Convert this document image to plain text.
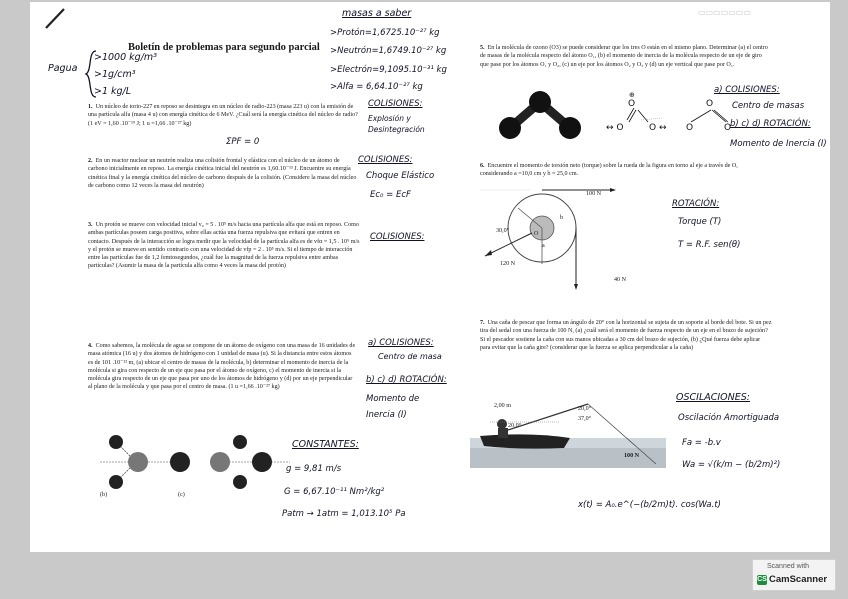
Boletín de problemas para segundo parcial
Pagua
>1000 kg/m³
>1g/cm³
>1 kg/L
masas a saber
>Protón=1,6725.10⁻²⁷ kg
>Neutrón=1,6749.10⁻²⁷ kg
>Electrón=9,1095.10⁻³¹ kg
>Alfa = 6,64.10⁻²⁷ kg
1. Un núcleo de torio-227 en reposo se desintegra en un núcleo de radio-223 (masa 223 u) con la emisión de una partícula alfa (masa 4 u) con energía cinética de 6 MeV. ¿Cuál será la energía cinética del núcleo de radio? (1 eV = 1,60 .10⁻¹⁹ J; 1 u =1,66 .10⁻²⁷ kg)
ΣPF = 0
COLISIONES:
Explosión y
Desintegración
2. En un reactor nuclear un neutrón realiza una colisión frontal y elástica con el núcleo de un átomo de carbono inicialmente en reposo. La energía cinética inicial del neutrón es 1,60.10⁻¹³ J. Encuentre su energía cinética final y la energía cinética del núcleo de carbono después de la colisión. (Considere la masa del núcleo de carbono como 12 veces la masa del neutrón)
COLISIONES:
Choque Elástico
Ec₀ = EcF
3. Un protón se mueve con velocidad inicial v₀ = 5 . 10⁵ m/s hacia una partícula alfa que está en reposo. Como ambas partículas poseen carga positiva, sobre ellas actúa una fuerza repulsiva que evitará que entren en contacto. Después de la interacción se logra medir que la velocidad de la partícula alfa es de vfα = 1,5 . 10⁵ m/s y el protón se mueve en sentido contrario con una velocidad de vfp = 2 . 10⁵ m/s. Si el tiempo de interacción entre las partículas fue de 1,2 femtosegundos, ¿cuál fue la magnitud de la fuerza repulsiva entre ambas partículas? (Asumir la masa de la partícula alfa como 4 veces la masa del protón)
COLISIONES:
4. Como sabemos, la molécula de agua se compone de un átomo de oxígeno con una masa de 16 unidades de masa atómica (16 u) y dos átomos de hidrógeno con 1 unidad de masa (u). Si la distancia entre estos átomos es de 101 .10⁻¹² m, (a) ubicar el centro de masas de la molécula, b) determinar el momento de inercia de la molécula si gira con respecto de un eje que pasa por el átomo de oxígeno, c) el momento de inercia si la molécula gira respecto de un eje que pasa por uno de los átomos de hidrógeno y (d) por un eje perpendicular al plano de la molécula y que pasa por el centro de masa. (1 u =1,66 .10⁻²⁷ kg)
a) COLISIONES:
Centro de masa
b) c) d) ROTACIÓN:
Momento de
Inercia (I)
(b)	(c)
CONSTANTES:
g = 9,81 m/s
G = 6,67.10⁻¹¹ Nm²/kg²
Patm → 1atm = 1,013.10⁵ Pa
▭▭▭▭▭▭▭
5. En la molécula de ozono (O3) se puede considerar que los tres O están en el mismo plano. Determinar (a) el centro de masas de la molécula respecto del átomo O₁, (b) el momento de inercia de la molécula respecto de un eje de giro que pase por los átomos O₁ y O₂, (c) un eje por los átomos O₂ y O₃ y (d) un eje vertical que pase por O₁.
↔ O
O
O ↔
⊕
O
O
O
a) COLISIONES:
Centro de masas
b) c) d) ROTACIÓN:
Momento de Inercia (I)
6. Encuentre el momento de torsión neto (torque) sobre la rueda de la figura en torno al eje a través de O, considerando a =10,0 cm y b = 25,0 cm.
100 N
120 N
30,0°
40 N
a
b
O
ROTACIÓN:
Torque (T)
T = R.F. sen(θ)
7. Una caña de pescar que forma un ángulo de 20° con la horizontal se sujeta de un soporte al borde del bote. Si un pez tira del sedal con una fuerza de 100 N, (a) ¿cuál será el momento de fuerza respecto de un eje en el brazo de sujeción? Si el pescador sostiene la caña con sus manos ubicadas a 30 cm del brazo de sujeción, (b) ¿Qué fuerza debe aplicar para evitar que la caña gire? (considerar que la fuerza se aplica perpendicular a la caña)
2,00 m	20,0°
37,0°
20,0°
100 N
OSCILACIONES:
Oscilación Amortiguada
Fa = -b.v
Wa = √(k/m − (b/2m)²)
x(t) = A₀.e^(−(b/2m)t). cos(Wa.t)
Scanned with
CS CamScanner
